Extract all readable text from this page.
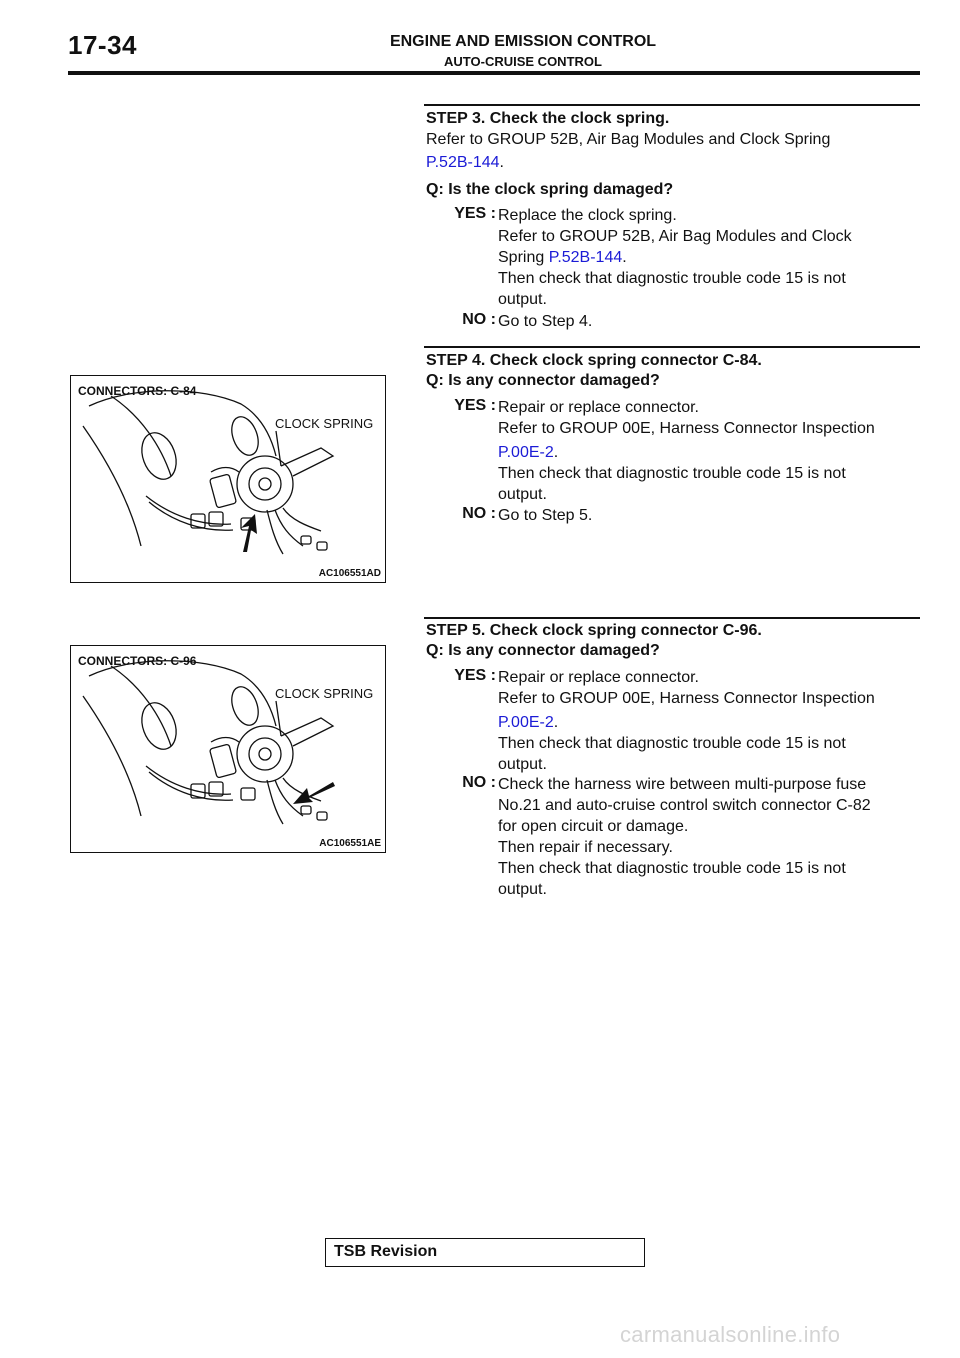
17-34	ENGINE AND EMISSION CONTROL
AUTO-CRUISE CONTROL
STEP 3. Check the clock spring.
Refer to GROUP 52B, Air Bag Modules and Clock Spring
P.52B-144.
Q: Is the clock spring damaged?
YES : Replace the clock spring.
Refer to GROUP 52B, Air Bag Modules and Clock
Spring P.52B-144.
Then check that diagnostic trouble code 15 is not
output.
NO : Go to Step 4.
STEP 4. Check clock spring connector C-84.
Q: Is any connector damaged?
YES : Repair or replace connector.
Refer to GROUP 00E, Harness Connector Inspection
P.00E-2.
Then check that diagnostic trouble code 15 is not
output.
NO : Go to Step 5.
CONNECTORS: C-84
CLOCK SPRING
AC106551AD
STEP 5. Check clock spring connector C-96.
Q: Is any connector damaged?
YES : Repair or replace connector.
Refer to GROUP 00E, Harness Connector Inspection
P.00E-2.
Then check that diagnostic trouble code 15 is not
output.
NO : Check the harness wire between multi-purpose fuse
No.21 and auto-cruise control switch connector C-82
for open circuit or damage.
Then repair if necessary.
Then check that diagnostic trouble code 15 is not
output.
CONNECTORS: C-96
CLOCK SPRING
AC106551AE
TSB Revision
carmanualsonline.info
